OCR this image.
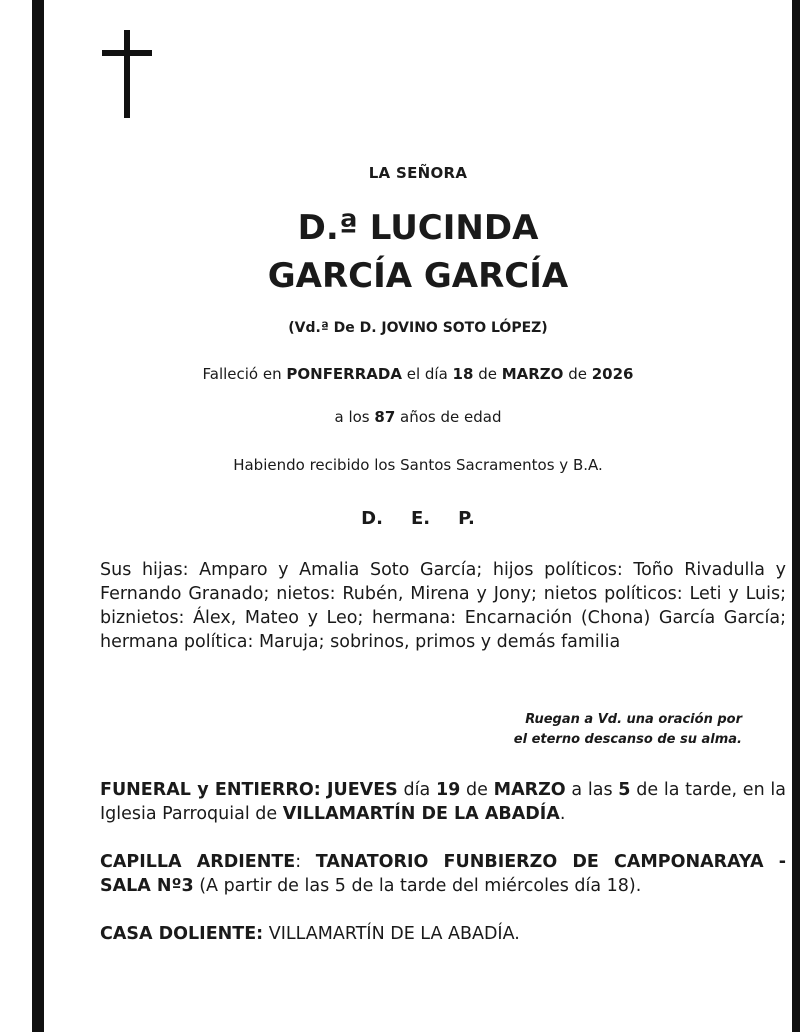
LA SEÑORA
D.ª LUCINDA
GARCÍA GARCÍA
(Vd.ª De D. JOVINO SOTO LÓPEZ)
Falleció en PONFERRADA el día 18 de MARZO de 2026
a los 87 años de edad
Habiendo recibido los Santos Sacramentos y B.A.
D. E. P.
Sus hijas: Amparo y Amalia Soto García; hijos políticos: Toño Rivadulla y Fernando Granado; nietos: Rubén, Mirena y Jony; nietos políticos: Leti y Luis; biznietos: Álex, Mateo y Leo; hermana: Encarnación (Chona) García García; hermana política: Maruja; sobrinos, primos y demás familia
Ruegan a Vd. una oración por
el eterno descanso de su alma.
FUNERAL y ENTIERRO: JUEVES día 19 de MARZO a las 5 de la tarde, en la Iglesia Parroquial de VILLAMARTÍN DE LA ABADÍA.
CAPILLA ARDIENTE: TANATORIO FUNBIERZO DE CAMPONARAYA - SALA Nº3 (A partir de las 5 de la tarde del miércoles día 18).
CASA DOLIENTE: VILLAMARTÍN DE LA ABADÍA.
